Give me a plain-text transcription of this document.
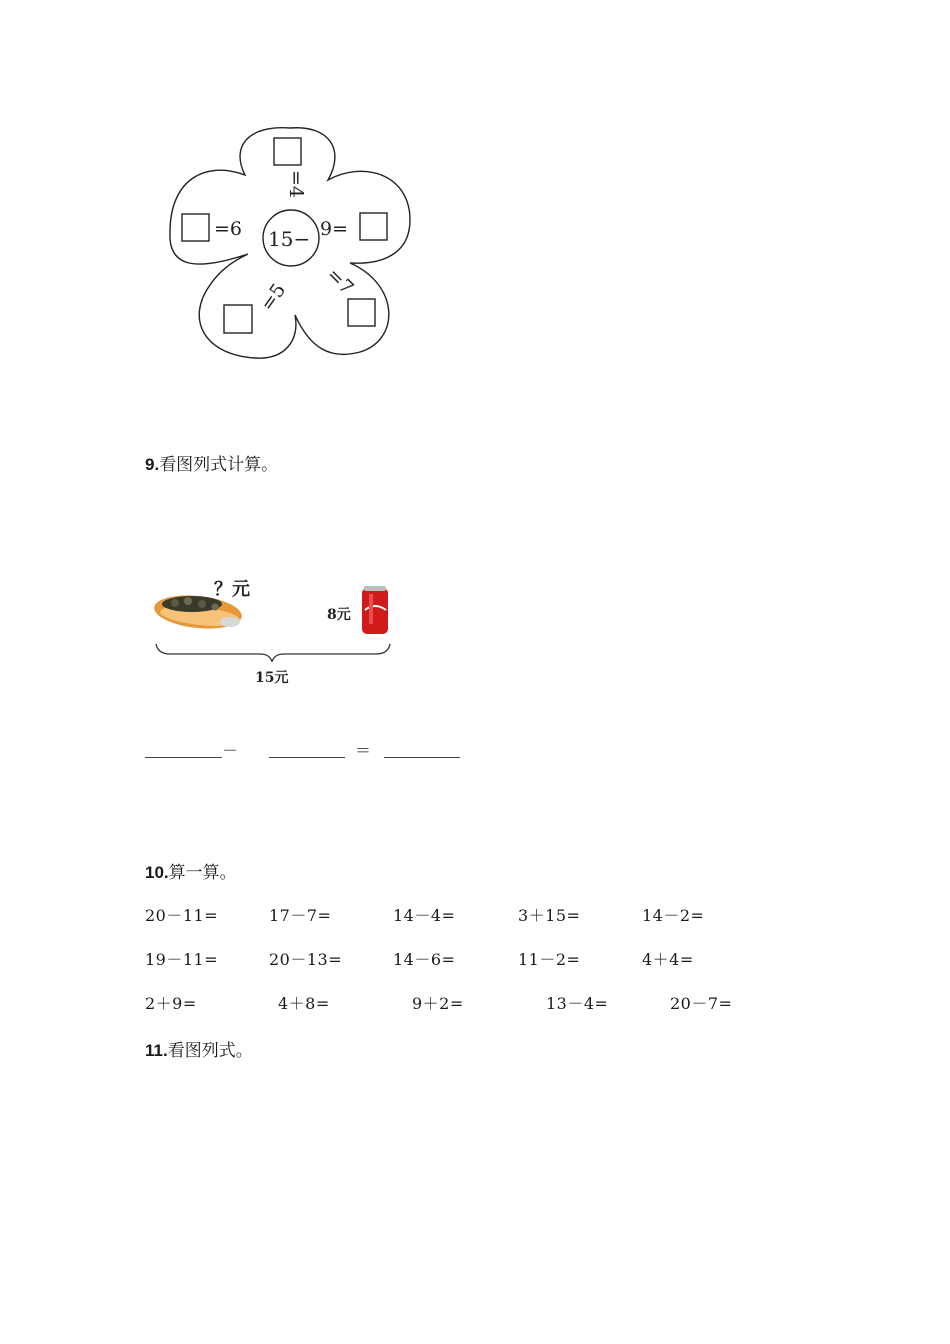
15−
=4
=6	9=
=5 =7
9.看图列式计算。
？元
8元
15元
－	＝
10.算一算。
20－11=	17－7=	14－4=	3＋15=	14－2=
19－11=	20－13=	14－6=	11－2=	4＋4=
2＋9=	4＋8=	9＋2=	13－4=	20－7=
11.看图列式。
